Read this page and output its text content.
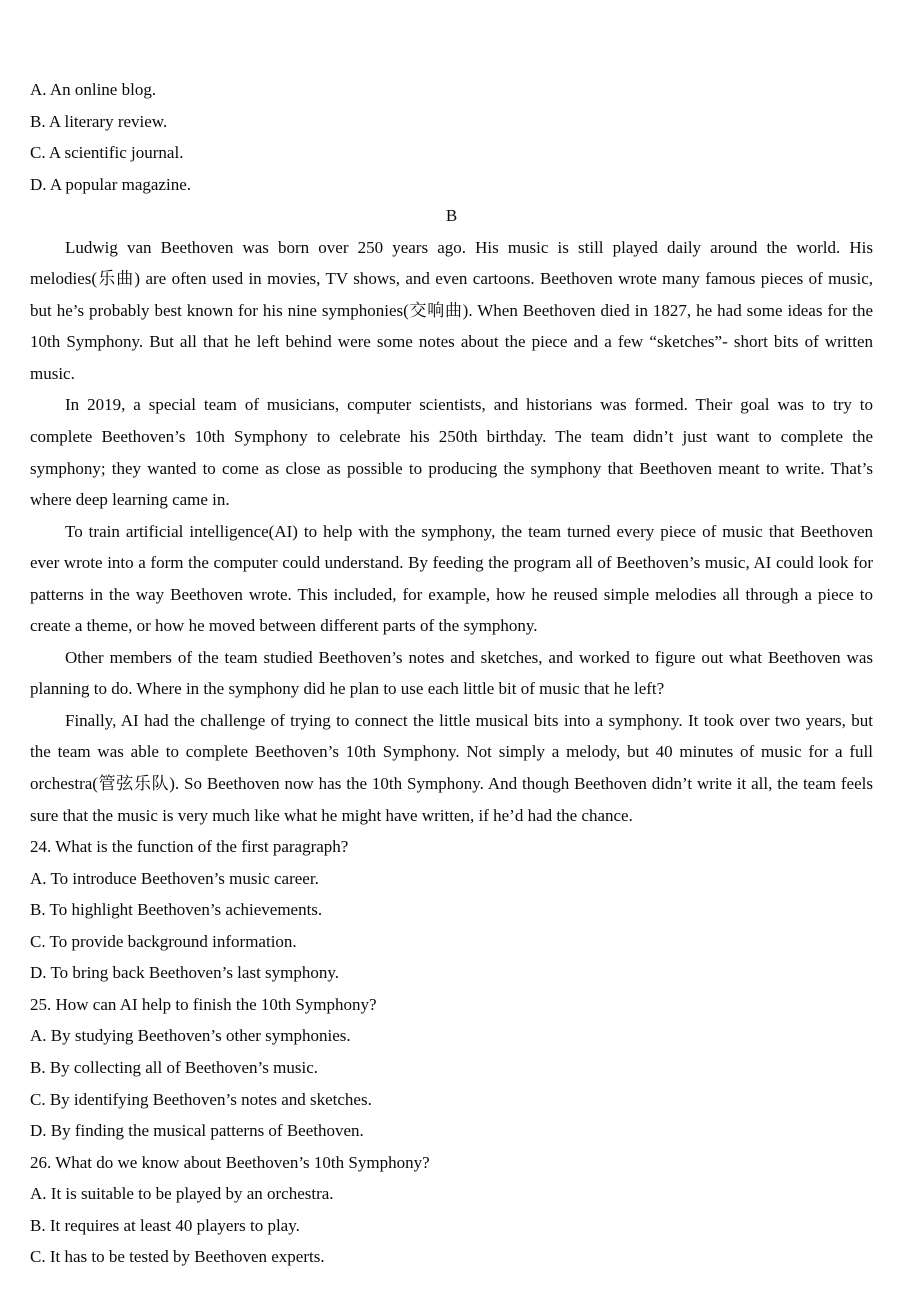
A. An online blog.
B. A literary review.
C. A scientific journal.
D. A popular magazine.
B

Ludwig van Beethoven was born over 250 years ago. His music is still played daily around the world. His melodies(乐曲) are often used in movies, TV shows, and even cartoons. Beethoven wrote many famous pieces of music, but he’s probably best known for his nine symphonies(交响曲). When Beethoven died in 1827, he had some ideas for the 10th Symphony. But all that he left behind were some notes about the piece and a few “sketches”- short bits of written music.

In 2019, a special team of musicians, computer scientists, and historians was formed. Their goal was to try to complete Beethoven’s 10th Symphony to celebrate his 250th birthday. The team didn’t just want to complete the symphony; they wanted to come as close as possible to producing the symphony that Beethoven meant to write. That’s where deep learning came in.

To train artificial intelligence(AI) to help with the symphony, the team turned every piece of music that Beethoven ever wrote into a form the computer could understand. By feeding the program all of Beethoven’s music, AI could look for patterns in the way Beethoven wrote. This included, for example, how he reused simple melodies all through a piece to create a theme, or how he moved between different parts of the symphony.

Other members of the team studied Beethoven’s notes and sketches, and worked to figure out what Beethoven was planning to do. Where in the symphony did he plan to use each little bit of music that he left?

Finally, AI had the challenge of trying to connect the little musical bits into a symphony. It took over two years, but the team was able to complete Beethoven’s 10th Symphony. Not simply a melody, but 40 minutes of music for a full orchestra(管弦乐队). So Beethoven now has the 10th Symphony. And though Beethoven didn’t write it all, the team feels sure that the music is very much like what he might have written, if he’d had the chance.

24. What is the function of the first paragraph?
A. To introduce Beethoven’s music career.
B. To highlight Beethoven’s achievements.
C. To provide background information.
D. To bring back Beethoven’s last symphony.
25. How can AI help to finish the 10th Symphony?
A. By studying Beethoven’s other symphonies.
B. By collecting all of Beethoven’s music.
C. By identifying Beethoven’s notes and sketches.
D. By finding the musical patterns of Beethoven.
26. What do we know about Beethoven’s 10th Symphony?
A. It is suitable to be played by an orchestra.
B. It requires at least 40 players to play.
C. It has to be tested by Beethoven experts.
